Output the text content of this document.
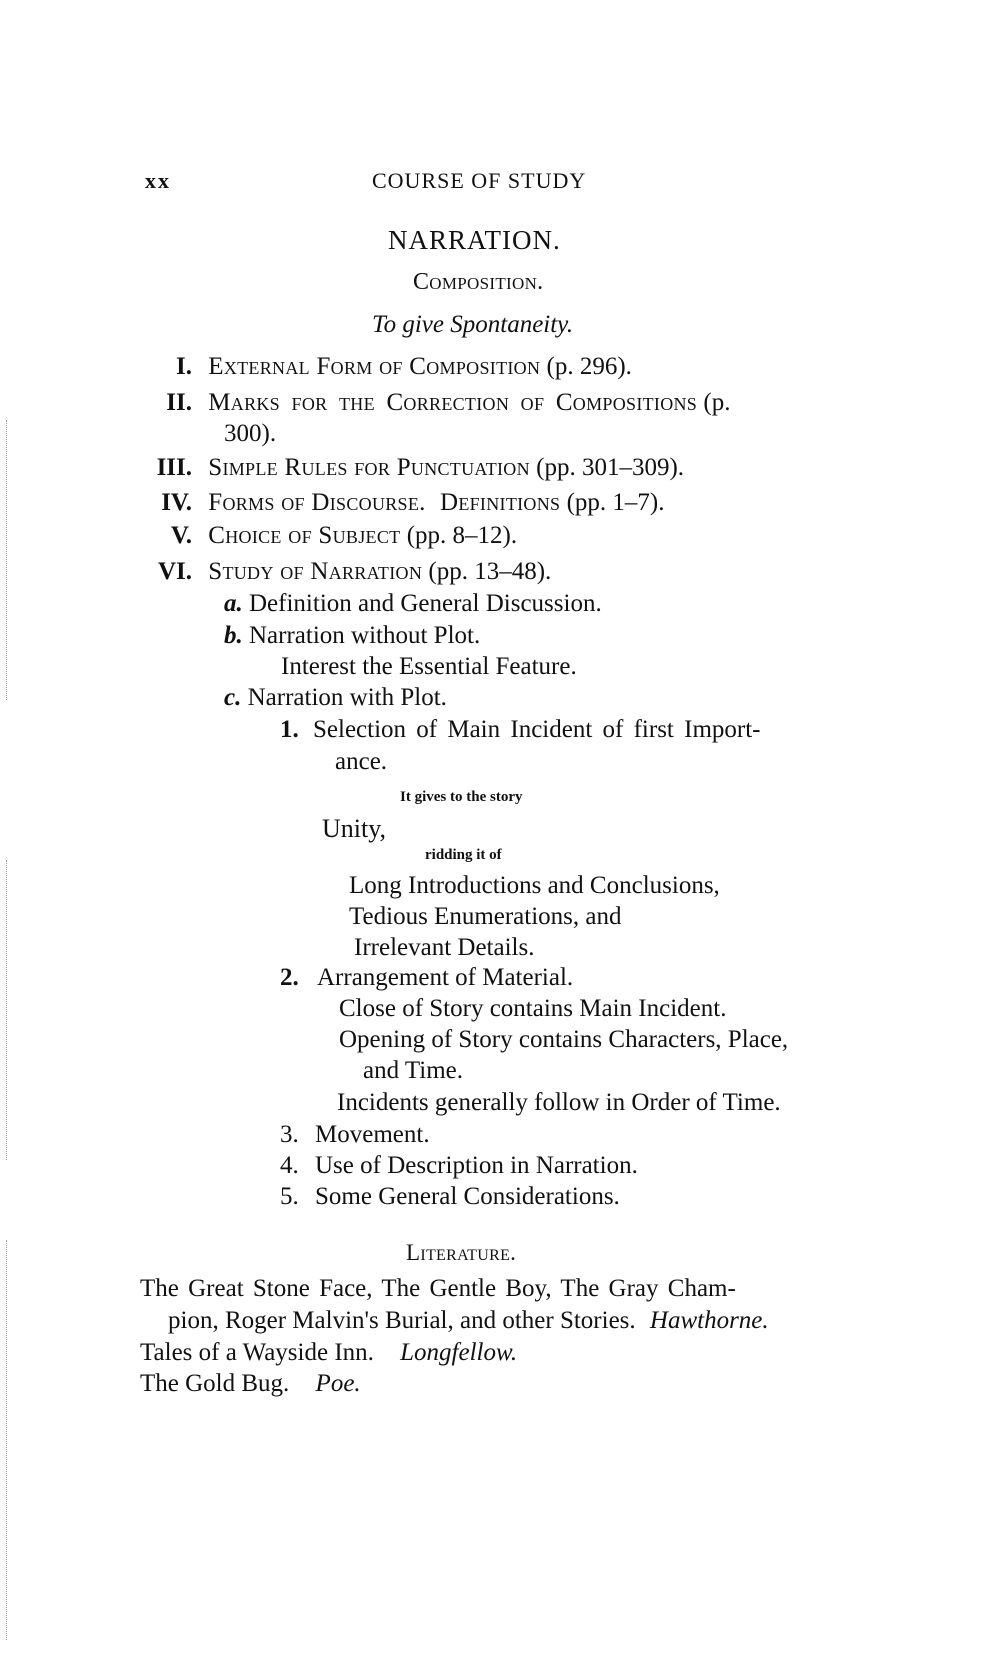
xx	COURSE OF STUDY
NARRATION.
Composition.
To give Spontaneity.
I. External Form of Composition (p. 296).
II. Marks for the Correction of Compositions (p.
300).
III. Simple Rules for Punctuation (pp. 301–309).
IV. Forms of Discourse. Definitions (pp. 1–7).
V. Choice of Subject (pp. 8–12).
VI. Study of Narration (pp. 13–48).
a. Definition and General Discussion.
b. Narration without Plot.
Interest the Essential Feature.
c. Narration with Plot.
1. Selection of Main Incident of first Import-
ance.
It gives to the story
Unity,
ridding it of
Long Introductions and Conclusions,
Tedious Enumerations, and
Irrelevant Details.
2. Arrangement of Material.
Close of Story contains Main Incident.
Opening of Story contains Characters, Place,
and Time.
Incidents generally follow in Order of Time.
3. Movement.
4. Use of Description in Narration.
5. Some General Considerations.
Literature.
The Great Stone Face, The Gentle Boy, The Gray Cham-
pion, Roger Malvin's Burial, and other Stories. Hawthorne.
Tales of a Wayside Inn. Longfellow.
The Gold Bug. Poe.
